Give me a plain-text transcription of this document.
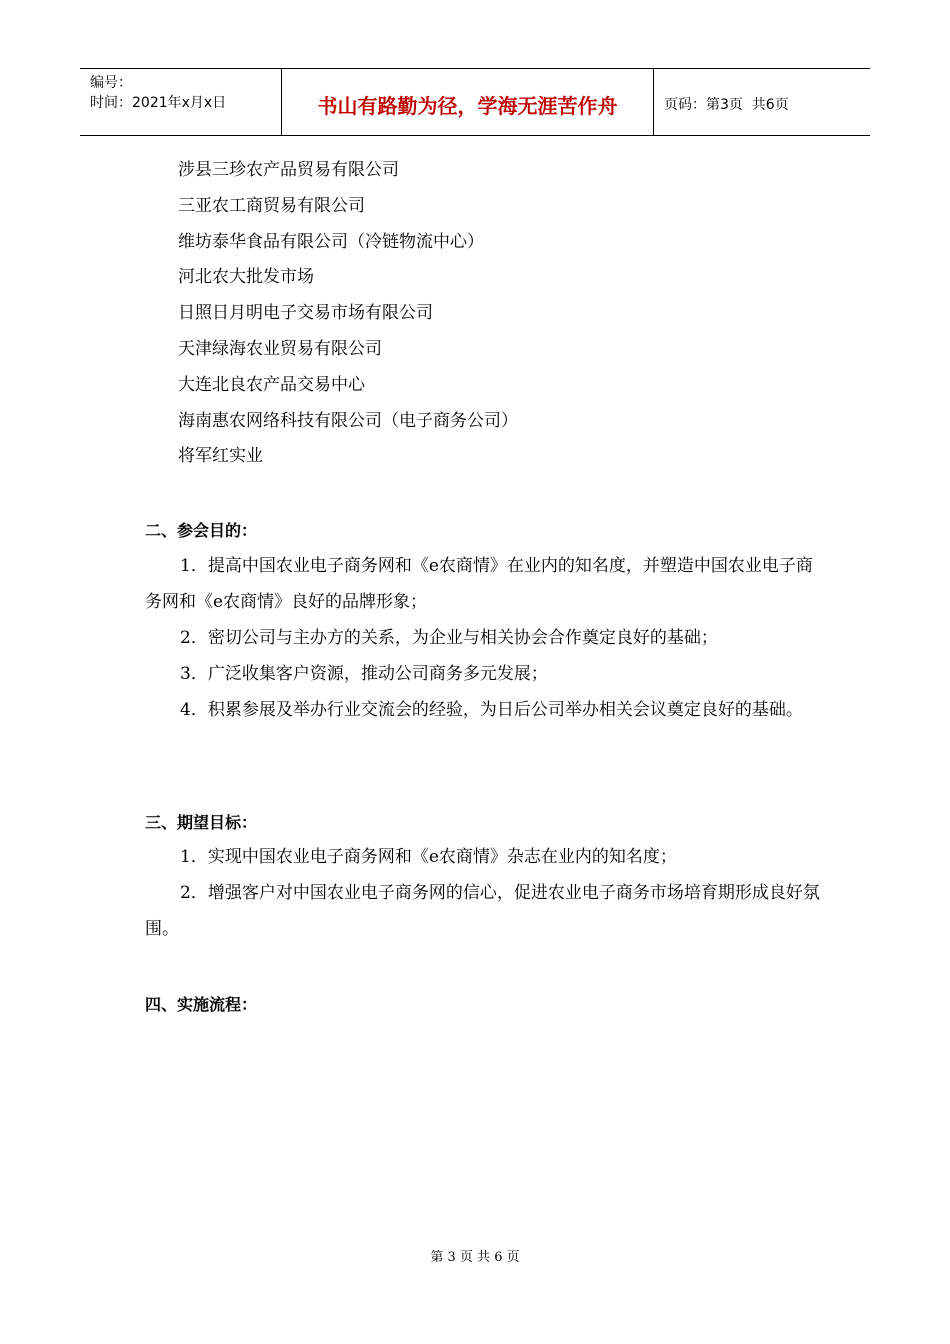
编号：
时间：2021年x月x日	书山有路勤为径，学海无涯苦作舟	页码：第3页  共6页
涉县三珍农产品贸易有限公司
三亚农工商贸易有限公司
维坊泰华食品有限公司（冷链物流中心）
河北农大批发市场
日照日月明电子交易市场有限公司
天津绿海农业贸易有限公司
大连北良农产品交易中心
海南惠农网络科技有限公司（电子商务公司）
将军红实业
二、参会目的：

1．提高中国农业电子商务网和《e农商情》在业内的知名度，并塑造中国农业电子商务网和《e农商情》良好的品牌形象；

2．密切公司与主办方的关系，为企业与相关协会合作奠定良好的基础；

3．广泛收集客户资源，推动公司商务多元发展；

4．积累参展及举办行业交流会的经验，为日后公司举办相关会议奠定良好的基础。

三、期望目标：

1．实现中国农业电子商务网和《e农商情》杂志在业内的知名度；

2．增强客户对中国农业电子商务网的信心，促进农业电子商务市场培育期形成良好氛围。

四、实施流程：
第 3 页 共 6 页
